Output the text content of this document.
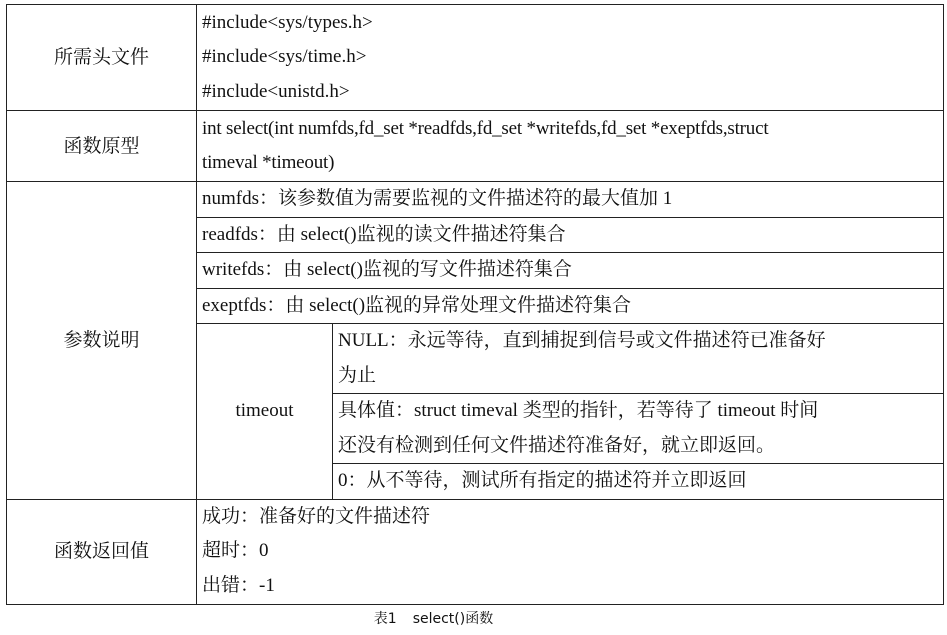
所需头文件	#include<sys/types.h>
#include<sys/time.h>
#include<unistd.h>	

函数原型	int select(int numfds,fd_set *readfds,fd_set *writefds,fd_set *exeptfds,struct
timeval *timeout)	

参数说明	numfds：该参数值为需要监视的文件描述符的最大值加 1	
	readfds：由 select()监视的读文件描述符集合	
	writefds：由 select()监视的写文件描述符集合	
	exeptfds：由 select()监视的异常处理文件描述符集合	
	timeout	NULL：永远等待，直到捕捉到信号或文件描述符已准备好
为止

		具体值：struct timeval 类型的指针，若等待了 timeout 时间
还没有检测到任何文件描述符准备好，就立即返回。

		0：从不等待，测试所有指定的描述符并立即返回
函数返回值	成功：准备好的文件描述符
超时：0
出错：-1	
表1 select()函数
